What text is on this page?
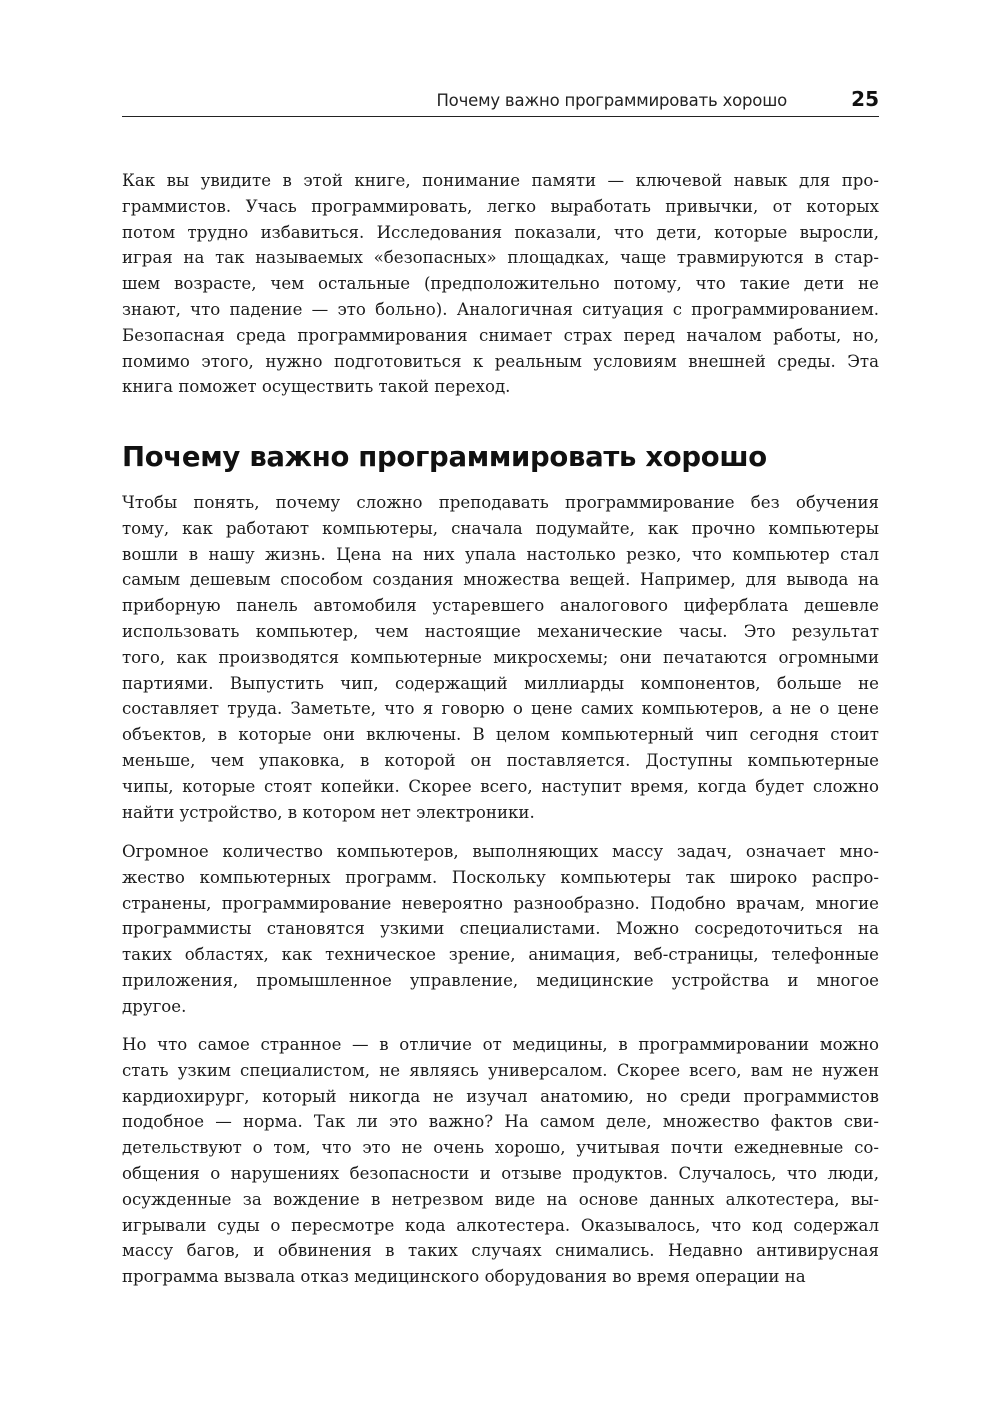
Почему важно программировать хорошо	25
Как вы увидите в этой книге, понимание памяти — ключевой навык для про-
граммистов. Учась программировать, легко выработать привычки, от которых
потом трудно избавиться. Исследования показали, что дети, которые выросли,
играя на так называемых «безопасных» площадках, чаще травмируются в стар-
шем возрасте, чем остальные (предположительно потому, что такие дети не
знают, что падение — это больно). Аналогичная ситуация с программированием.
Безопасная среда программирования снимает страх перед началом работы, но,
помимо этого, нужно подготовиться к реальным условиям внешней среды. Эта
книга поможет осуществить такой переход.
Почему важно программировать хорошо
Чтобы понять, почему сложно преподавать программирование без обучения
тому, как работают компьютеры, сначала подумайте, как прочно компьютеры
вошли в нашу жизнь. Цена на них упала настолько резко, что компьютер стал
самым дешевым способом создания множества вещей. Например, для вывода на
приборную панель автомобиля устаревшего аналогового циферблата дешевле
использовать компьютер, чем настоящие механические часы. Это результат
того, как производятся компьютерные микросхемы; они печатаются огромными
партиями. Выпустить чип, содержащий миллиарды компонентов, больше не
составляет труда. Заметьте, что я говорю о цене самих компьютеров, а не о цене
объектов, в которые они включены. В целом компьютерный чип сегодня стоит
меньше, чем упаковка, в которой он поставляется. Доступны компьютерные
чипы, которые стоят копейки. Скорее всего, наступит время, когда будет сложно
найти устройство, в котором нет электроники.
Огромное количество компьютеров, выполняющих массу задач, означает мно-
жество компьютерных программ. Поскольку компьютеры так широко распро-
странены, программирование невероятно разнообразно. Подобно врачам, многие
программисты становятся узкими специалистами. Можно сосредоточиться на
таких областях, как техническое зрение, анимация, веб-страницы, телефонные
приложения, промышленное управление, медицинские устройства и многое
другое.
Но что самое странное — в отличие от медицины, в программировании можно
стать узким специалистом, не являясь универсалом. Скорее всего, вам не нужен
кардиохирург, который никогда не изучал анатомию, но среди программистов
подобное — норма. Так ли это важно? На самом деле, множество фактов сви-
детельствуют о том, что это не очень хорошо, учитывая почти ежедневные со-
общения о нарушениях безопасности и отзыве продуктов. Случалось, что люди,
осужденные за вождение в нетрезвом виде на основе данных алкотестера, вы-
игрывали суды о пересмотре кода алкотестера. Оказывалось, что код содержал
массу багов, и обвинения в таких случаях снимались. Недавно антивирусная
программа вызвала отказ медицинского оборудования во время операции на
